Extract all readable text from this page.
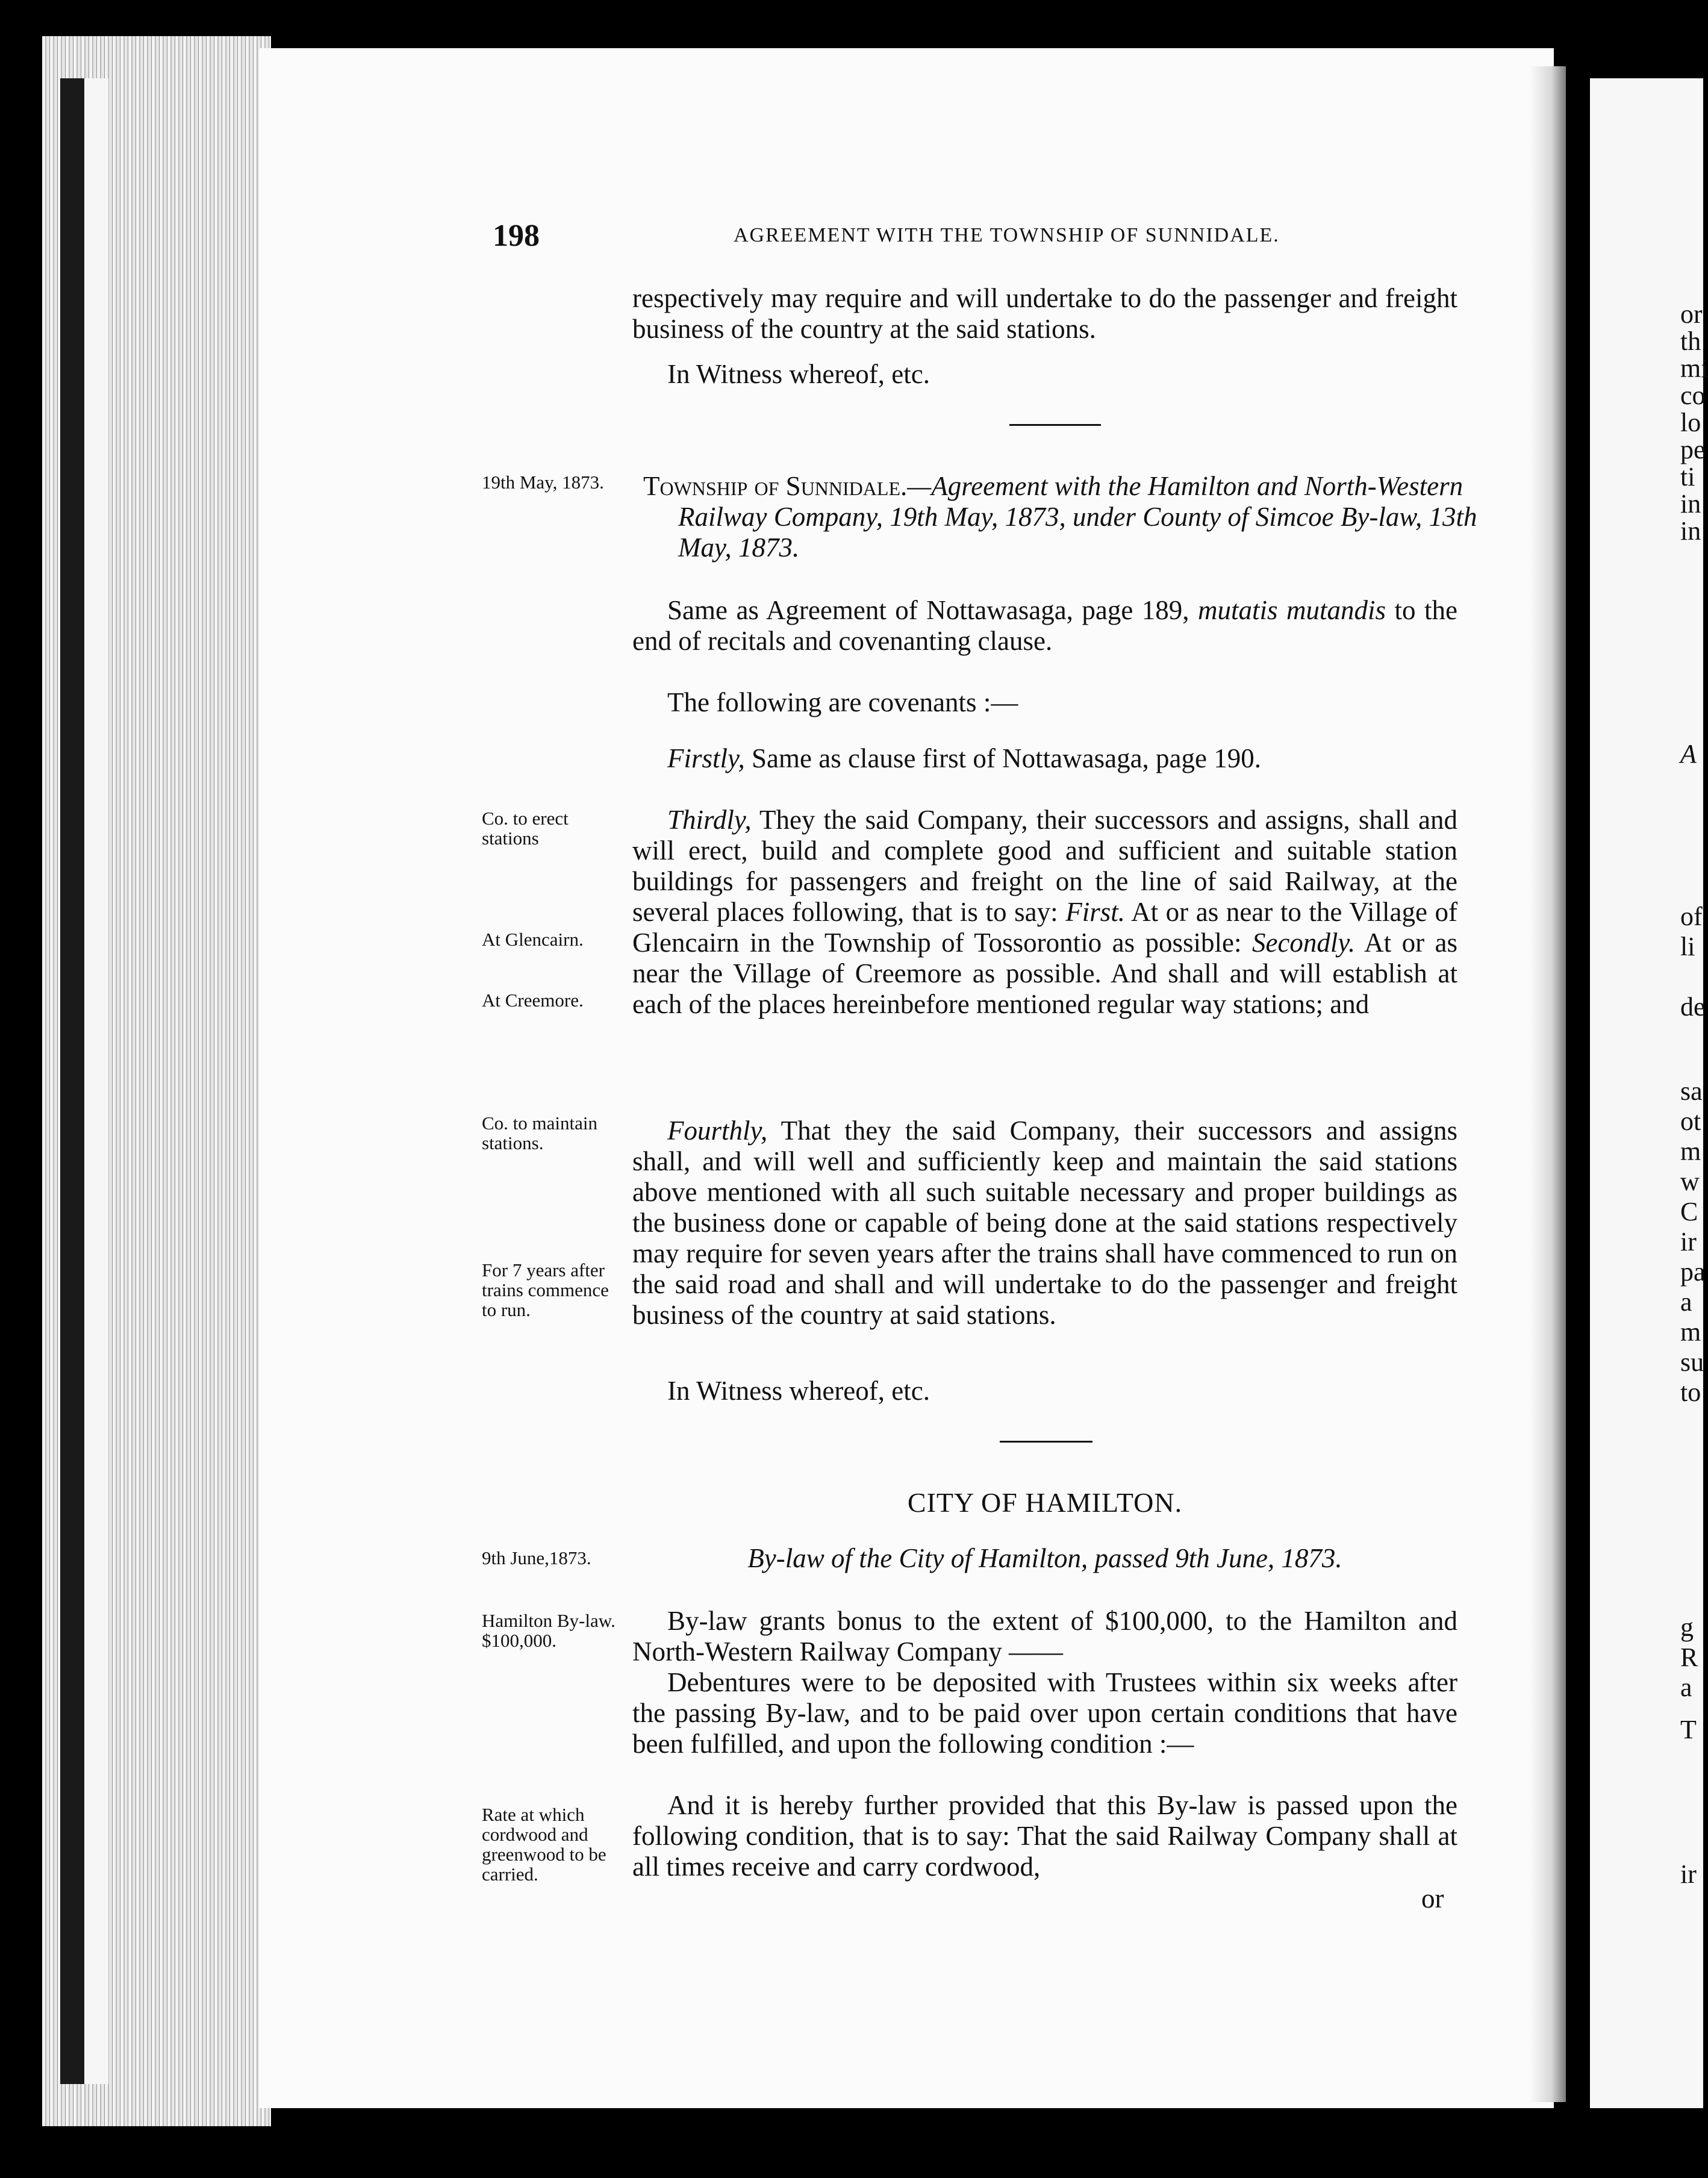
or
th
mi
co
lo
pe
ti
in
in
A
of
li
de
sa
ot
m
w
C
ir
pa
a
m
su
to
g
R
a
T
ir
198	AGREEMENT WITH THE TOWNSHIP OF SUNNIDALE.
respectively may require and will undertake to do the passenger and freight business of the country at the said stations.
In Witness whereof, etc.
19th May, 1873.	Township of Sunnidale.—Agreement with the Hamilton and North-Western Railway Company, 19th May, 1873, under County of Simcoe By-law, 13th May, 1873.
Same as Agreement of Nottawasaga, page 189, mutatis mutandis to the end of recitals and covenanting clause.
The following are covenants :—
Firstly, Same as clause first of Nottawasaga, page 190.
Co. to erect stations
At Glencairn.
At Creemore.
Thirdly, They the said Company, their successors and assigns, shall and will erect, build and complete good and sufficient and suitable station buildings for passengers and freight on the line of said Railway, at the several places following, that is to say: First. At or as near to the Village of Glencairn in the Township of Tossorontio as possible: Secondly. At or as near the Village of Creemore as possible. And shall and will establish at each of the places hereinbefore mentioned regular way stations; and
Co. to maintain stations.
For 7 years after trains commence to run.
Fourthly, That they the said Company, their successors and assigns shall, and will well and sufficiently keep and maintain the said stations above mentioned with all such suitable necessary and proper buildings as the business done or capable of being done at the said stations respectively may require for seven years after the trains shall have commenced to run on the said road and shall and will undertake to do the passenger and freight business of the country at said stations.
In Witness whereof, etc.
CITY OF HAMILTON.
9th June,1873.	By-law of the City of Hamilton, passed 9th June, 1873.
Hamilton By-law. $100,000.
By-law grants bonus to the extent of $100,000, to the Hamilton and North-Western Railway Company ——
Debentures were to be deposited with Trustees within six weeks after the passing By-law, and to be paid over upon certain conditions that have been fulfilled, and upon the following condition :—
Rate at which cordwood and greenwood to be carried.
And it is hereby further provided that this By-law is passed upon the following condition, that is to say: That the said Railway Company shall at all times receive and carry cordwood,
or
